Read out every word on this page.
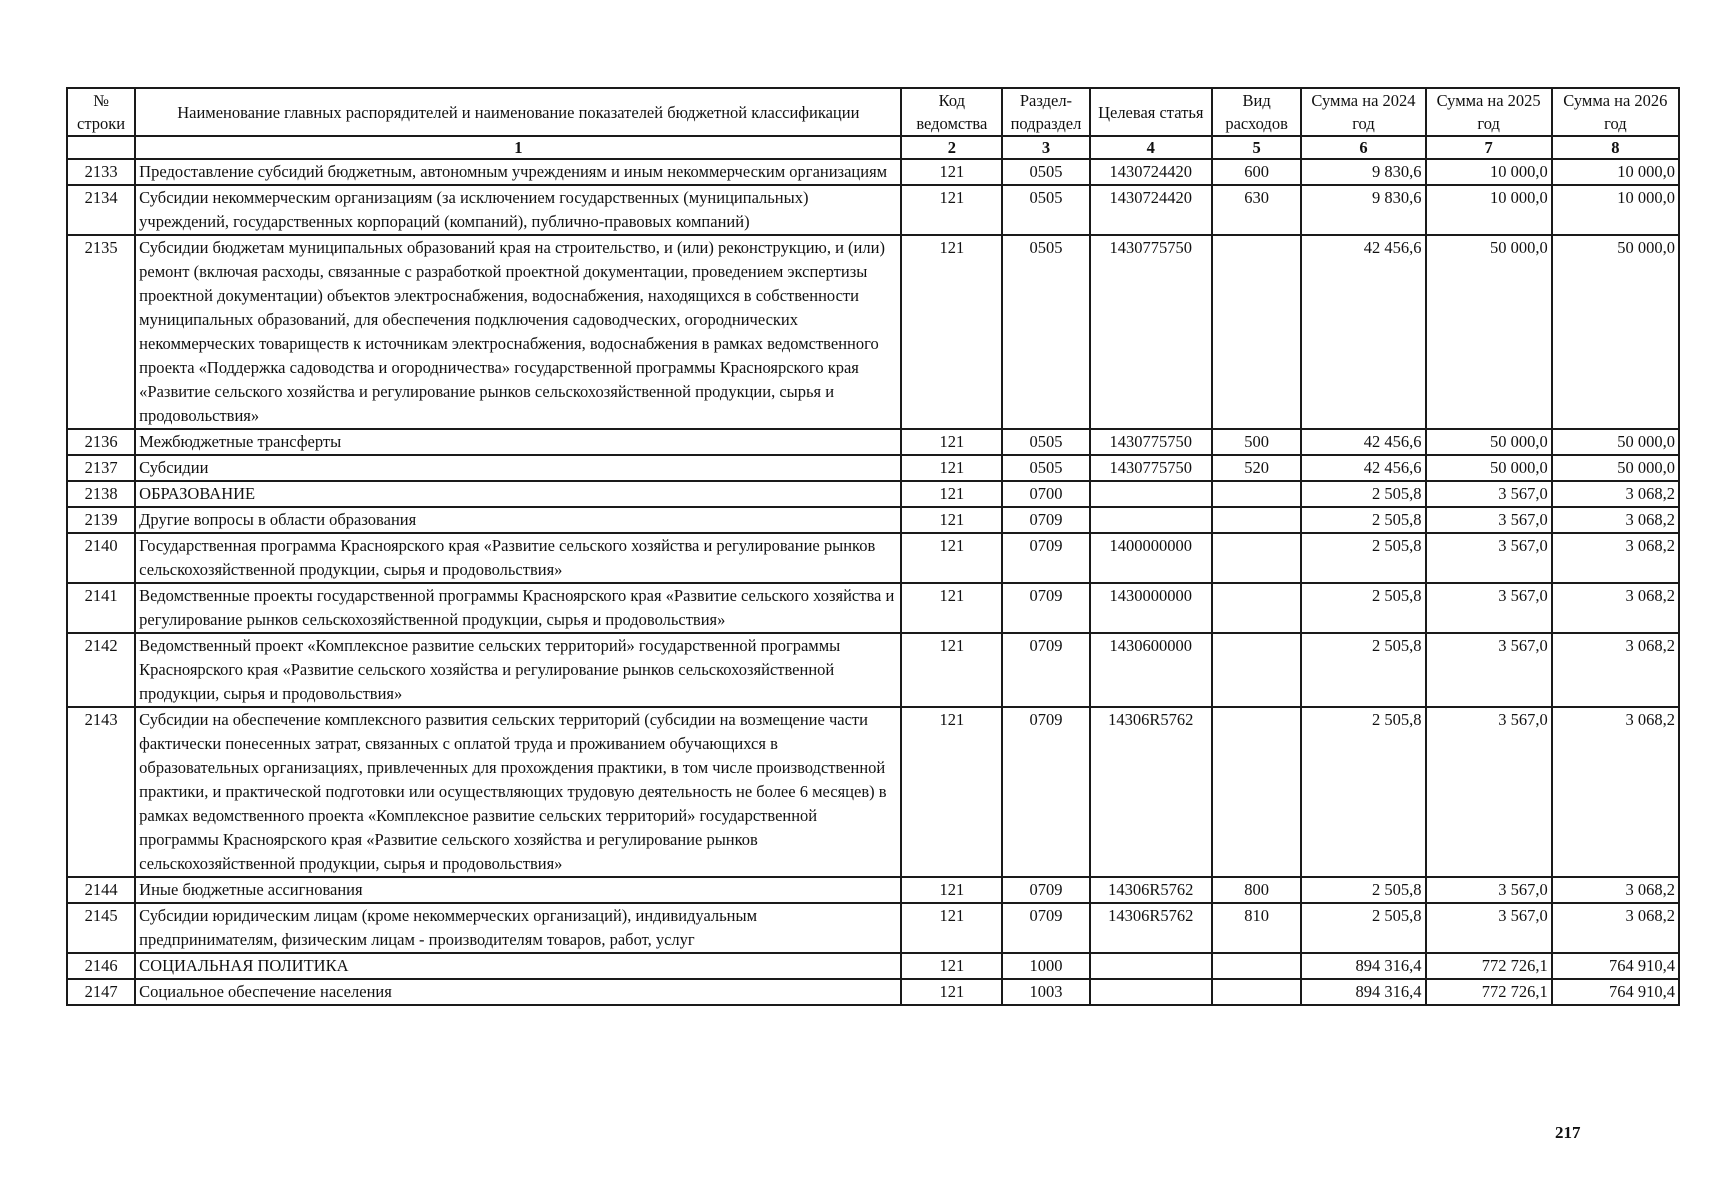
№ строки	Наименование главных распорядителей и наименование показателей бюджетной классификации	Код ведомства	Раздел-подраздел	Целевая статья	Вид расходов	Сумма на 2024 год	Сумма на 2025 год	Сумма на 2026 год
	1	2	3	4	5	6	7	8
2133	Предоставление субсидий бюджетным, автономным учреждениям и иным некоммерческим организациям	121	0505	1430724420	600	9 830,6	10 000,0	10 000,0
2134	Субсидии некоммерческим организациям (за исключением государственных (муниципальных) учреждений, государственных корпораций (компаний), публично-правовых компаний)	121	0505	1430724420	630	9 830,6	10 000,0	10 000,0
2135	Субсидии бюджетам муниципальных образований края на строительство, и (или) реконструкцию, и (или) ремонт (включая расходы, связанные с разработкой проектной документации, проведением экспертизы проектной документации) объектов электроснабжения, водоснабжения, находящихся в собственности муниципальных образований, для обеспечения подключения садоводческих, огороднических некоммерческих товариществ к источникам электроснабжения, водоснабжения в рамках ведомственного проекта «Поддержка садоводства и огородничества» государственной программы Красноярского края «Развитие сельского хозяйства и регулирование рынков сельскохозяйственной продукции, сырья и продовольствия»	121	0505	1430775750		42 456,6	50 000,0	50 000,0
2136	Межбюджетные трансферты	121	0505	1430775750	500	42 456,6	50 000,0	50 000,0
2137	Субсидии	121	0505	1430775750	520	42 456,6	50 000,0	50 000,0
2138	ОБРАЗОВАНИЕ	121	0700			2 505,8	3 567,0	3 068,2
2139	Другие вопросы в области образования	121	0709			2 505,8	3 567,0	3 068,2
2140	Государственная программа Красноярского края «Развитие сельского хозяйства и регулирование рынков сельскохозяйственной продукции, сырья и продовольствия»	121	0709	1400000000		2 505,8	3 567,0	3 068,2
2141	Ведомственные проекты государственной программы Красноярского края «Развитие сельского хозяйства и регулирование рынков сельскохозяйственной продукции, сырья и продовольствия»	121	0709	1430000000		2 505,8	3 567,0	3 068,2
2142	Ведомственный проект «Комплексное развитие сельских территорий» государственной программы Красноярского края «Развитие сельского хозяйства и регулирование рынков сельскохозяйственной продукции, сырья и продовольствия»	121	0709	1430600000		2 505,8	3 567,0	3 068,2
2143	Субсидии на обеспечение комплексного развития сельских территорий (субсидии на возмещение части фактически понесенных затрат, связанных с оплатой труда и проживанием обучающихся в образовательных организациях, привлеченных для прохождения практики, в том числе производственной практики, и практической подготовки или осуществляющих трудовую деятельность не более 6 месяцев) в рамках ведомственного проекта «Комплексное развитие сельских территорий» государственной программы Красноярского края «Развитие сельского хозяйства и регулирование рынков сельскохозяйственной продукции, сырья и продовольствия»	121	0709	14306R5762		2 505,8	3 567,0	3 068,2
2144	Иные бюджетные ассигнования	121	0709	14306R5762	800	2 505,8	3 567,0	3 068,2
2145	Субсидии юридическим лицам (кроме некоммерческих организаций), индивидуальным предпринимателям, физическим лицам - производителям товаров, работ, услуг	121	0709	14306R5762	810	2 505,8	3 567,0	3 068,2
2146	СОЦИАЛЬНАЯ ПОЛИТИКА	121	1000			894 316,4	772 726,1	764 910,4
2147	Социальное обеспечение населения	121	1003			894 316,4	772 726,1	764 910,4
217
